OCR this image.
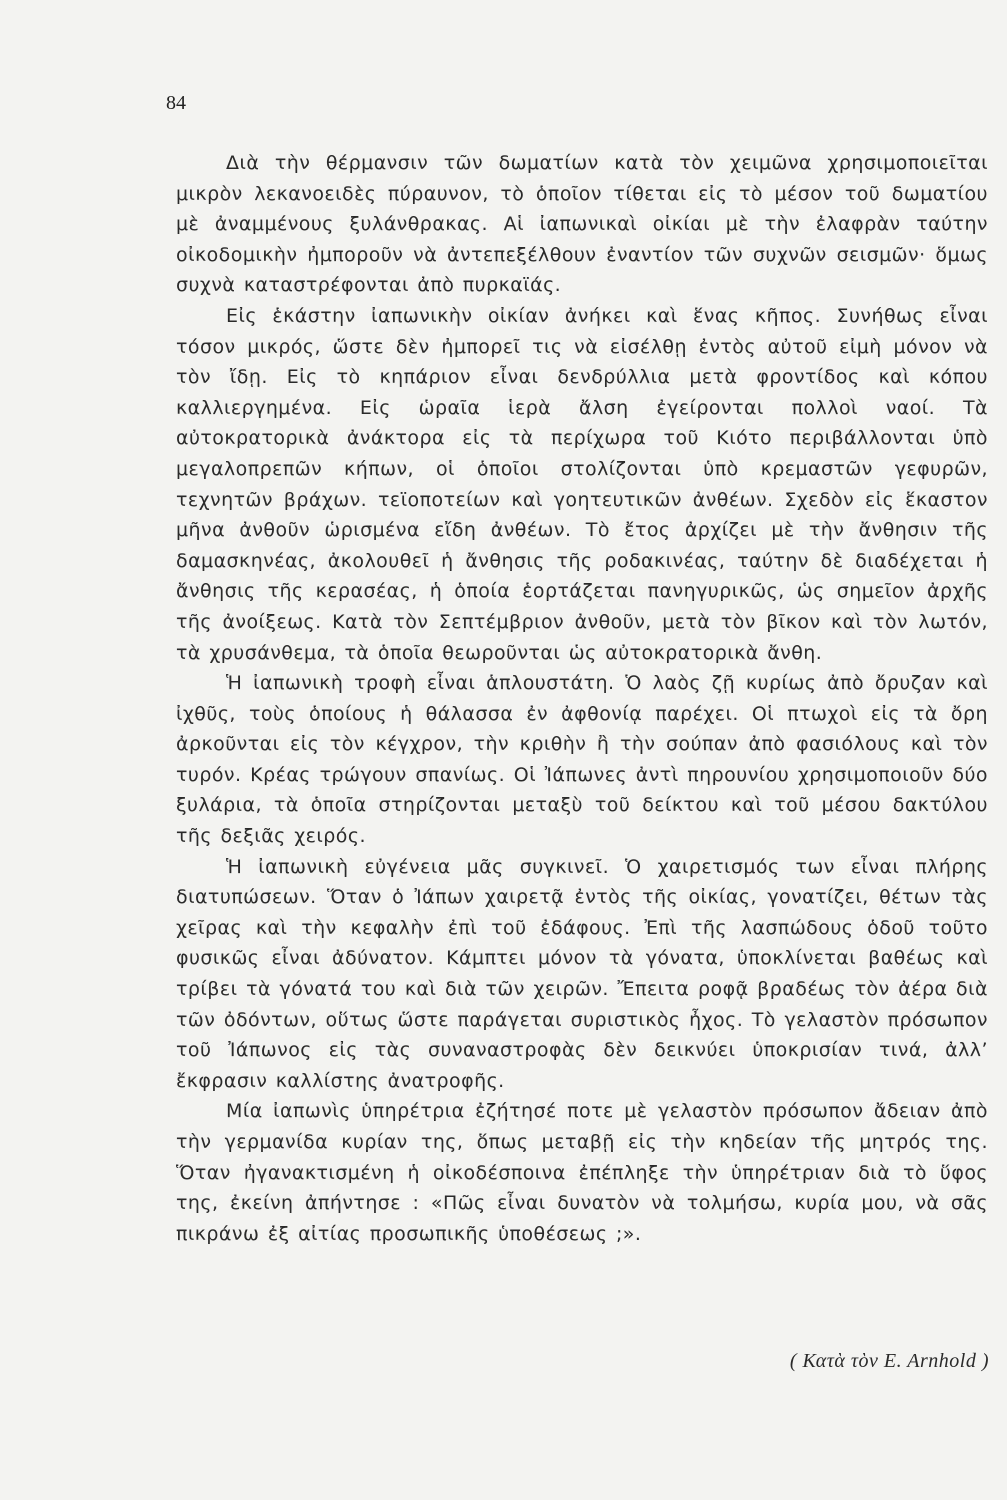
84

Διὰ τὴν θέρμανσιν τῶν δωματίων κατὰ τὸν χειμῶνα χρησιμοποιεῖται μικρὸν λεκανοειδὲς πύραυνον, τὸ ὁποῖον τίθεται εἰς τὸ μέσον τοῦ δωματίου μὲ ἀναμμένους ξυλάνθρακας. Αἱ ἰαπωνικαὶ οἰκίαι μὲ τὴν ἐλαφρὰν ταύτην οἰκοδομικὴν ἠμποροῦν νὰ ἀντεπεξέλθουν ἐναντίον τῶν συχνῶν σεισμῶν· ὅμως συχνὰ καταστρέφονται ἀπὸ πυρκαϊάς.

Εἰς ἑκάστην ἰαπωνικὴν οἰκίαν ἀνήκει καὶ ἕνας κῆπος. Συνήθως εἶναι τόσον μικρός, ὥστε δὲν ἠμπορεῖ τις νὰ εἰσέλθῃ ἐντὸς αὐτοῦ εἰμὴ μόνον νὰ τὸν ἴδῃ. Εἰς τὸ κηπάριον εἶναι δενδρύλλια μετὰ φροντίδος καὶ κόπου καλλιεργημένα. Εἰς ὡραῖα ἱερὰ ἄλση ἐγείρονται πολλοὶ ναοί. Τὰ αὐτοκρατορικὰ ἀνάκτορα εἰς τὰ περίχωρα τοῦ Κιότο περιβάλλονται ὑπὸ μεγαλοπρεπῶν κήπων, οἱ ὁποῖοι στολίζονται ὑπὸ κρεμαστῶν γεφυρῶν, τεχνητῶν βράχων. τεϊοποτείων καὶ γοητευτικῶν ἀνθέων. Σχεδὸν εἰς ἕκαστον μῆνα ἀνθοῦν ὡρισμένα εἴδη ἀνθέων. Τὸ ἔτος ἀρχίζει μὲ τὴν ἄνθησιν τῆς δαμασκηνέας, ἀκολουθεῖ ἡ ἄνθησις τῆς ροδακινέας, ταύτην δὲ διαδέχεται ἡ ἄνθησις τῆς κερασέας, ἡ ὁποία ἑορτάζεται πανηγυρικῶς, ὡς σημεῖον ἀρχῆς τῆς ἀνοίξεως. Κατὰ τὸν Σεπτέμβριον ἀνθοῦν, μετὰ τὸν βῖκον καὶ τὸν λωτόν, τὰ χρυσάνθεμα, τὰ ὁποῖα θεωροῦνται ὡς αὐτοκρατορικὰ ἄνθη.

Ἡ ἰαπωνικὴ τροφὴ εἶναι ἁπλουστάτη. Ὁ λαὸς ζῇ κυρίως ἀπὸ ὄρυζαν καὶ ἰχθῦς, τοὺς ὁποίους ἡ θάλασσα ἐν ἀφθονίᾳ παρέχει. Οἱ πτωχοὶ εἰς τὰ ὄρη ἀρκοῦνται εἰς τὸν κέγχρον, τὴν κριθὴν ἢ τὴν σούπαν ἀπὸ φασιόλους καὶ τὸν τυρόν. Κρέας τρώγουν σπανίως. Οἱ Ἰάπωνες ἀντὶ πηρουνίου χρησιμοποιοῦν δύο ξυλάρια, τὰ ὁποῖα στηρίζονται μεταξὺ τοῦ δείκτου καὶ τοῦ μέσου δακτύλου τῆς δεξιᾶς χειρός.

Ἡ ἰαπωνικὴ εὐγένεια μᾶς συγκινεῖ. Ὁ χαιρετισμός των εἶναι πλήρης διατυπώσεων. Ὅταν ὁ Ἰάπων χαιρετᾷ ἐντὸς τῆς οἰκίας, γονατίζει, θέτων τὰς χεῖρας καὶ τὴν κεφαλὴν ἐπὶ τοῦ ἐδάφους. Ἐπὶ τῆς λασπώδους ὁδοῦ τοῦτο φυσικῶς εἶναι ἀδύνατον. Κάμπτει μόνον τὰ γόνατα, ὑποκλίνεται βαθέως καὶ τρίβει τὰ γόνατά του καὶ διὰ τῶν χειρῶν. Ἔπειτα ροφᾷ βραδέως τὸν ἀέρα διὰ τῶν ὀδόντων, οὕτως ὥστε παράγεται συριστικὸς ἦχος. Τὸ γελαστὸν πρόσωπον τοῦ Ἰάπωνος εἰς τὰς συναναστροφὰς δὲν δεικνύει ὑποκρισίαν τινά, ἀλλ’ ἔκφρασιν καλλίστης ἀνατροφῆς.

Μία ἰαπωνὶς ὑπηρέτρια ἐζήτησέ ποτε μὲ γελαστὸν πρόσωπον ἄδειαν ἀπὸ τὴν γερμανίδα κυρίαν της, ὅπως μεταβῇ εἰς τὴν κηδείαν τῆς μητρός της. Ὅταν ἠγανακτισμένη ἡ οἰκοδέσποινα ἐπέπληξε τὴν ὑπηρέτριαν διὰ τὸ ὕφος της, ἐκείνη ἀπήντησε : «Πῶς εἶναι δυνατὸν νὰ τολμήσω, κυρία μου, νὰ σᾶς πικράνω ἐξ αἰτίας προσωπικῆς ὑποθέσεως ;».

( Κατὰ τὸν E. Arnhold )
